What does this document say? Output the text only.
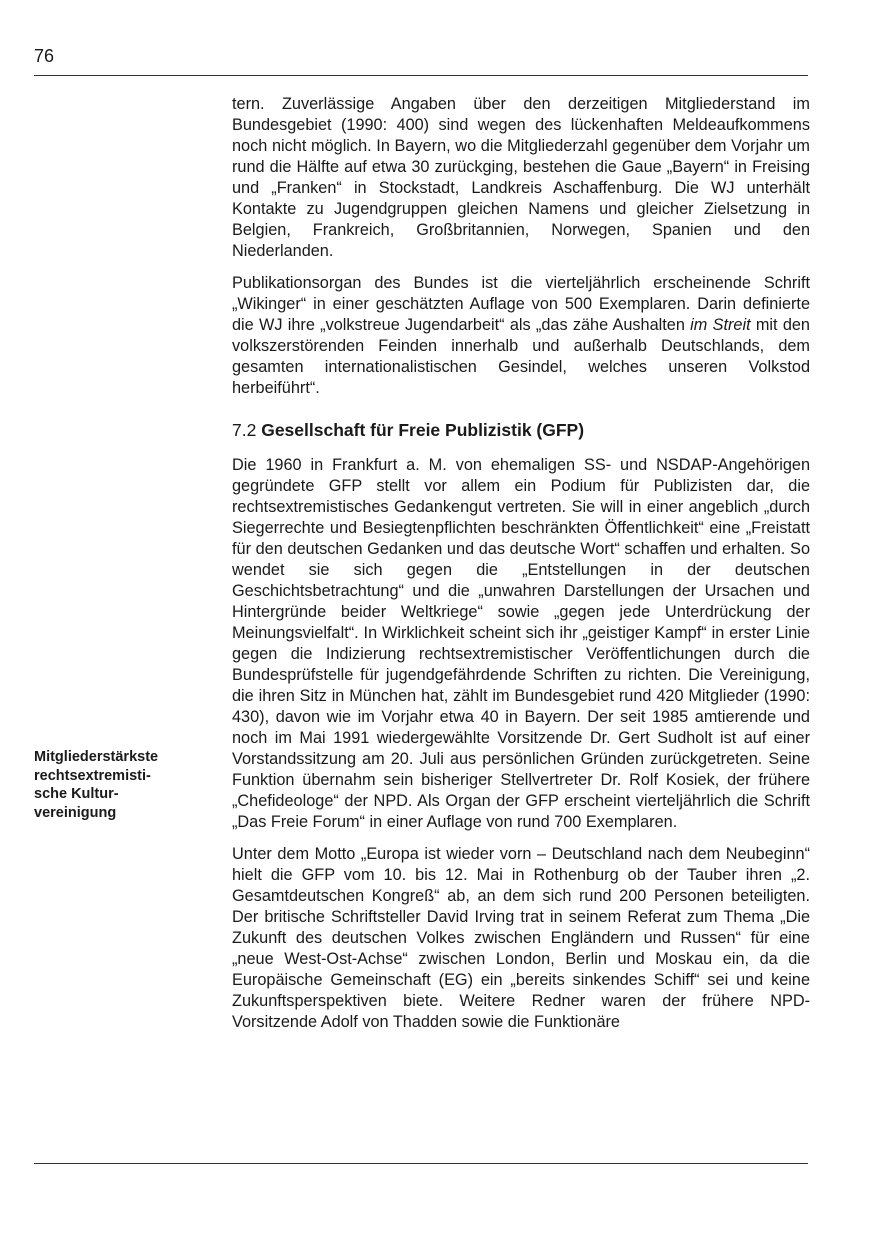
76

Mitgliederstärkste
rechtsextremisti-
sche Kultur-
vereinigung

tern. Zuverlässige Angaben über den derzeitigen Mitgliederstand im Bundesgebiet (1990: 400) sind wegen des lückenhaften Meldeaufkommens noch nicht möglich. In Bayern, wo die Mitgliederzahl gegenüber dem Vorjahr um rund die Hälfte auf etwa 30 zurückging, bestehen die Gaue „Bayern“ in Freising und „Franken“ in Stockstadt, Landkreis Aschaffenburg. Die WJ unterhält Kontakte zu Jugendgruppen gleichen Namens und gleicher Zielsetzung in Belgien, Frankreich, Großbritannien, Norwegen, Spanien und den Niederlanden.

Publikationsorgan des Bundes ist die vierteljährlich erscheinende Schrift „Wikinger“ in einer geschätzten Auflage von 500 Exemplaren. Darin definierte die WJ ihre „volkstreue Jugendarbeit“ als „das zähe Aushalten im Streit mit den volkszerstörenden Feinden innerhalb und außerhalb Deutschlands, dem gesamten internationalistischen Gesindel, welches unseren Volkstod herbeiführt“.

7.2 Gesellschaft für Freie Publizistik (GFP)

Die 1960 in Frankfurt a. M. von ehemaligen SS- und NSDAP-Angehörigen gegründete GFP stellt vor allem ein Podium für Publizisten dar, die rechtsextremistisches Gedankengut vertreten. Sie will in einer angeblich „durch Siegerrechte und Besiegtenpflichten beschränkten Öffentlichkeit“ eine „Freistatt für den deutschen Gedanken und das deutsche Wort“ schaffen und erhalten. So wendet sie sich gegen die „Entstellungen in der deutschen Geschichtsbetrachtung“ und die „unwahren Darstellungen der Ursachen und Hintergründe beider Weltkriege“ sowie „gegen jede Unterdrückung der Meinungsvielfalt“. In Wirklichkeit scheint sich ihr „geistiger Kampf“ in erster Linie gegen die Indizierung rechtsextremistischer Veröffentlichungen durch die Bundesprüfstelle für jugendgefährdende Schriften zu richten. Die Vereinigung, die ihren Sitz in München hat, zählt im Bundesgebiet rund 420 Mitglieder (1990: 430), davon wie im Vorjahr etwa 40 in Bayern. Der seit 1985 amtierende und noch im Mai 1991 wiedergewählte Vorsitzende Dr. Gert Sudholt ist auf einer Vorstandssitzung am 20. Juli aus persönlichen Gründen zurückgetreten. Seine Funktion übernahm sein bisheriger Stellvertreter Dr. Rolf Kosiek, der frühere „Chefideologe“ der NPD. Als Organ der GFP erscheint vierteljährlich die Schrift „Das Freie Forum“ in einer Auflage von rund 700 Exemplaren.

Unter dem Motto „Europa ist wieder vorn – Deutschland nach dem Neubeginn“ hielt die GFP vom 10. bis 12. Mai in Rothenburg ob der Tauber ihren „2. Gesamtdeutschen Kongreß“ ab, an dem sich rund 200 Personen beteiligten. Der britische Schriftsteller David Irving trat in seinem Referat zum Thema „Die Zukunft des deutschen Volkes zwischen Engländern und Russen“ für eine „neue West-Ost-Achse“ zwischen London, Berlin und Moskau ein, da die Europäische Gemeinschaft (EG) ein „bereits sinkendes Schiff“ sei und keine Zukunftsperspektiven biete. Weitere Redner waren der frühere NPD-Vorsitzende Adolf von Thadden sowie die Funktionäre
